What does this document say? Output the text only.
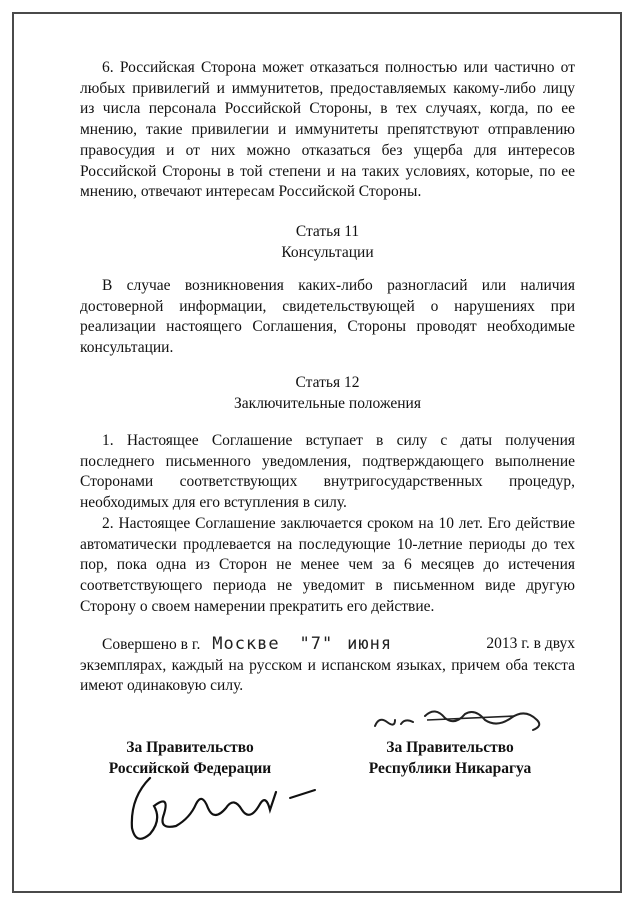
6. Российская Сторона может отказаться полностью или частично от любых привилегий и иммунитетов, предоставляемых какому-либо лицу из числа персонала Российской Стороны, в тех случаях, когда, по ее мнению, такие привилегии и иммунитеты препятствуют отправлению правосудия и от них можно отказаться без ущерба для интересов Российской Стороны в той степени и на таких условиях, которые, по ее мнению, отвечают интересам Российской Стороны.

Статья 11

Консультации

В случае возникновения каких-либо разногласий или наличия достоверной информации, свидетельствующей о нарушениях при реализации настоящего Соглашения, Стороны проводят необходимые консультации.

Статья 12

Заключительные положения

1. Настоящее Соглашение вступает в силу с даты получения последнего письменного уведомления, подтверждающего выполнение Сторонами соответствующих внутригосударственных процедур, необходимых для его вступления в силу.

2. Настоящее Соглашение заключается сроком на 10 лет. Его действие автоматически продлевается на последующие 10-летние периоды до тех пор, пока одна из Сторон не менее чем за 6 месяцев до истечения соответствующего периода не уведомит в письменном виде другую Сторону о своем намерении прекратить его действие.

Совершено в г. Москве "7" июня	2013 г. в двух

экземплярах, каждый на русском и испанском языках, причем оба текста имеют одинаковую силу.

За Правительство

Российской Федерации

За Правительство

Республики Никарагуа
